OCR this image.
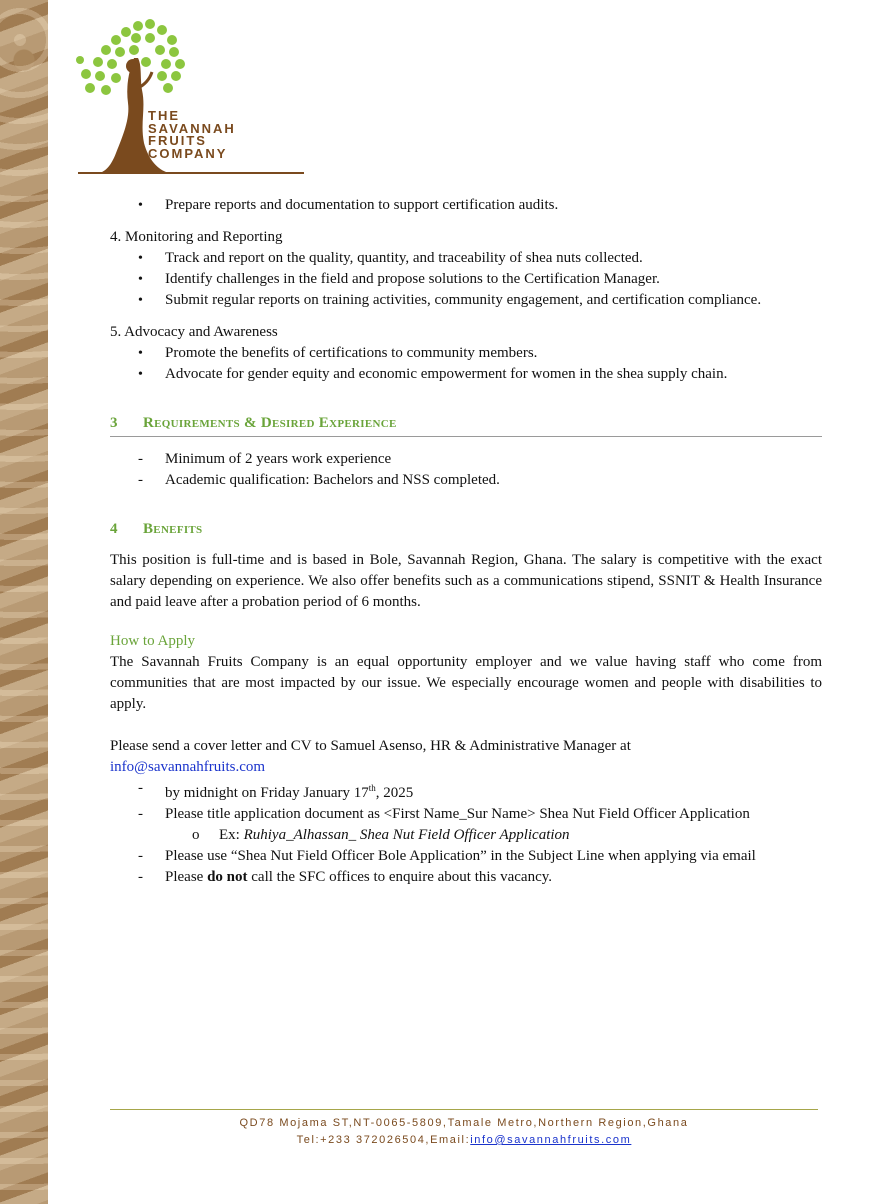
THE
SAVANNAH
FRUITS
COMPANY
• Prepare reports and documentation to support certification audits.
4. Monitoring and Reporting
• Track and report on the quality, quantity, and traceability of shea nuts collected.
• Identify challenges in the field and propose solutions to the Certification Manager.
• Submit regular reports on training activities, community engagement, and certification compliance.
5. Advocacy and Awareness
• Promote the benefits of certifications to community members.
• Advocate for gender equity and economic empowerment for women in the shea supply chain.
3 Requirements & Desired Experience
- Minimum of 2 years work experience
- Academic qualification: Bachelors and NSS completed.
4 Benefits
This position is full-time and is based in Bole, Savannah Region, Ghana. The salary is competitive with the exact salary depending on experience. We also offer benefits such as a communications stipend, SSNIT & Health Insurance and paid leave after a probation period of 6 months.
How to Apply
The Savannah Fruits Company is an equal opportunity employer and we value having staff who come from communities that are most impacted by our issue. We especially encourage women and people with disabilities to apply.
Please send a cover letter and CV to Samuel Asenso, HR & Administrative Manager at
info@savannahfruits.com
- by midnight on Friday January 17th, 2025
- Please title application document as <First Name_Sur Name> Shea Nut Field Officer Application
o Ex: Ruhiya_Alhassan_ Shea Nut Field Officer Application
- Please use “Shea Nut Field Officer Bole Application” in the Subject Line when applying via email
- Please do not call the SFC offices to enquire about this vacancy.
QD78 Mojama ST,NT-0065-5809,Tamale Metro,Northern Region,Ghana
Tel:+233 372026504,Email:info@savannahfruits.com
